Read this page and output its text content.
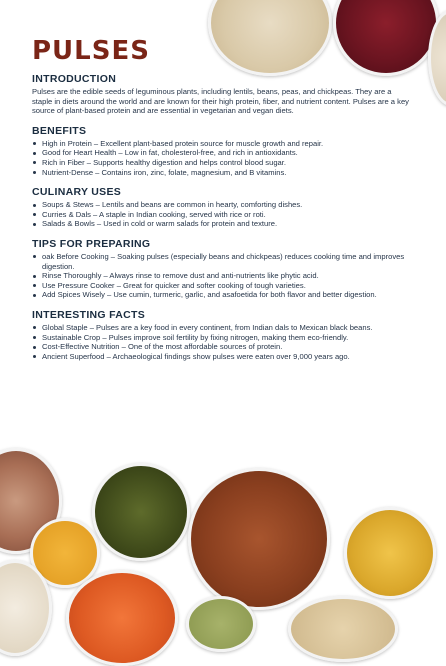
PULSES
INTRODUCTION

Pulses are the edible seeds of leguminous plants, including lentils, beans, peas, and chickpeas. They are a staple in diets around the world and are known for their high protein, fiber, and nutrient content. Pulses are a key source of plant-based protein and are essential in vegetarian and vegan diets.

BENEFITS
High in Protein – Excellent plant-based protein source for muscle growth and repair.
Good for Heart Health – Low in fat, cholesterol-free, and rich in antioxidants.
Rich in Fiber – Supports healthy digestion and helps control blood sugar.
Nutrient-Dense – Contains iron, zinc, folate, magnesium, and B vitamins.
CULINARY USES
Soups & Stews – Lentils and beans are common in hearty, comforting dishes.
Curries & Dals – A staple in Indian cooking, served with rice or roti.
Salads & Bowls – Used in cold or warm salads for protein and texture.
TIPS FOR PREPARING
oak Before Cooking – Soaking pulses (especially beans and chickpeas) reduces cooking time and improves digestion.
Rinse Thoroughly – Always rinse to remove dust and anti-nutrients like phytic acid.
Use Pressure Cooker – Great for quicker and softer cooking of tough varieties.
Add Spices Wisely – Use cumin, turmeric, garlic, and asafoetida for both flavor and better digestion.
INTERESTING FACTS
Global Staple – Pulses are a key food in every continent, from Indian dals to Mexican black beans.
Sustainable Crop – Pulses improve soil fertility by fixing nitrogen, making them eco-friendly.
Cost-Effective Nutrition – One of the most affordable sources of protein.
Ancient Superfood – Archaeological findings show pulses were eaten over 9,000 years ago.
